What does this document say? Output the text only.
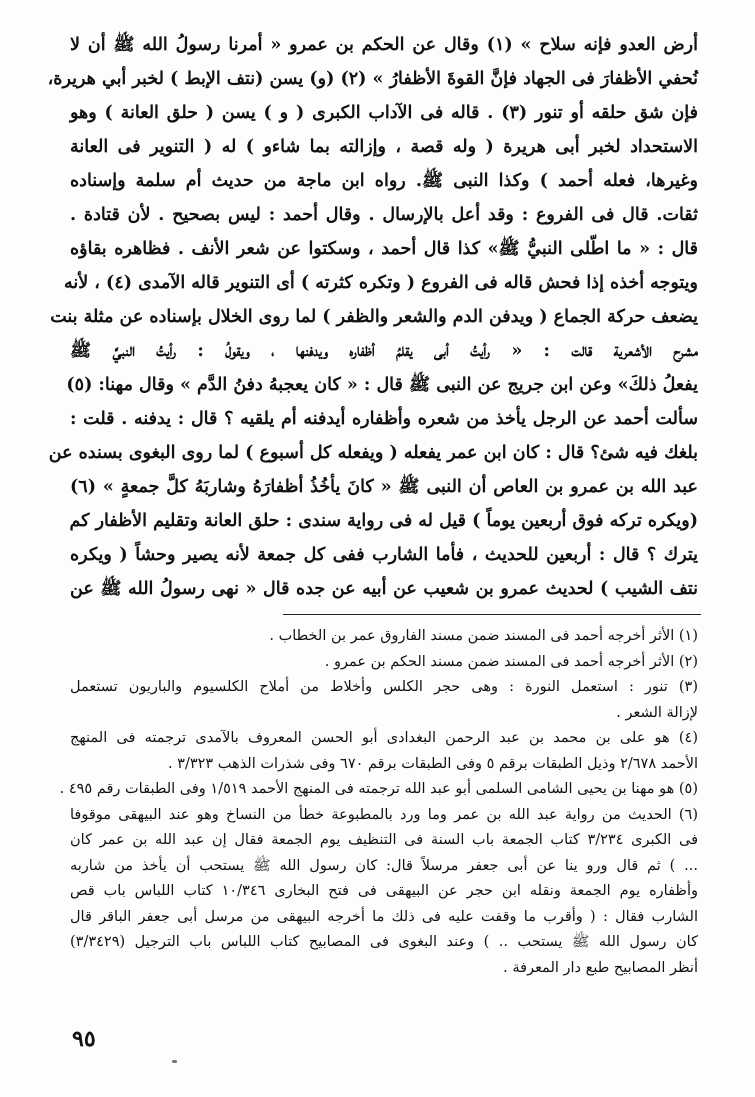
أرض العدو فإنه سلاح » (١) وقال عن الحكم بن عمرو « أمرنا رسولُ الله ﷺ أن لا
نُحفي الأظفارَ فى الجهاد فإنَّ القوةَ الأظفارُ » (٢) (و) يسن (نتف الإبط ) لخبر أبي هريرة،
فإن شق حلقه أو تنور (٣) . قاله فى الآداب الكبرى ( و ) يسن ( حلق العانة ) وهو
الاستحداد لخبر أبى هريرة ( وله قصة ، وإزالته بما شاءو ) له ( التنوير فى العانة
وغيرها، فعله أحمد ) وكذا النبى ﷺ. رواه ابن ماجة من حديث أم سلمة وإسناده
ثقات. قال فى الفروع : وقد أعل بالإرسال . وقال أحمد : ليس بصحيح . لأن قتادة .
قال : « ما اطّلى النبيُّ ﷺ» كذا قال أحمد ، وسكتوا عن شعر الأنف . فظاهره بقاؤه
ويتوجه أخذه إذا فحش قاله فى الفروع ( وتكره كثرته ) أى التنوير قاله الآمدى (٤) ، لأنه
يضعف حركة الجماع ( ويدفن الدم والشعر والظفر ) لما روى الخلال بإسناده عن مثلة بنت
مشرح الأشعرية قالت : « رأيتُ أبى يقلمُ أظفاره ويدفنها ، ويقولُ : رأيتُ النبيَّ ﷺ
يفعلُ ذلكَ» وعن ابن جريج عن النبى ﷺ قال : « كان يعجبهُ دفنُ الدَّم » وقال مهنا: (٥)
سألت أحمد عن الرجل يأخذ من شعره وأظفاره أيدفنه أم يلقيه ؟ قال : يدفنه . قلت :
بلغك فيه شئ؟ قال : كان ابن عمر يفعله ( ويفعله كل أسبوع ) لما روى البغوى بسنده عن
عبد الله بن عمرو بن العاص أن النبى ﷺ « كانَ يأخُذُ أظفارَهُ وشاربَهُ كلَّ جمعةٍ » (٦)
(ويكره تركه فوق أربعين يوماً ) قيل له فى رواية سندى : حلق العانة وتقليم الأظفار كم
يترك ؟ قال : أربعين للحديث ، فأما الشارب ففى كل جمعة لأنه يصير وحشاً ( ويكره
نتف الشيب ) لحديث عمرو بن شعيب عن أبيه عن جده قال « نهى رسولُ الله ﷺ عن
(١) الأثر أخرجه أحمد فى المسند ضمن مسند الفاروق عمر بن الخطاب .
(٢) الأثر أخرجه أحمد فى المسند ضمن مسند الحكم بن عمرو .
(٣) تنور : استعمل النورة : وهى حجر الكلس وأخلاط من أملاح الكلسيوم والباريون تستعمل
لإزالة الشعر .
(٤) هو على بن محمد بن عبد الرحمن البغدادى أبو الحسن المعروف بالآمدى ترجمته فى المنهج
الأحمد ٢/٦٧٨ وذيل الطبقات برقم ٥ وفى الطبقات برقم ٦٧٠ وفى شذرات الذهب ٣/٣٢٣ .
(٥) هو مهنا بن يحيى الشامى السلمى أبو عبد الله ترجمته فى المنهج الأحمد ١/٥١٩ وفى الطبقات رقم ٤٩٥ .
(٦) الحديث من رواية عبد الله بن عمر وما ورد بالمطبوعة خطأ من النساخ وهو عند البيهقى موقوفا
فى الكبرى ٣/٢٣٤ كتاب الجمعة باب السنة فى التنظيف يوم الجمعة فقال إن عبد الله بن عمر كان
... ) ثم قال ورو ينا عن أبى جعفر مرسلاً قال: كان رسول الله ﷺ يستحب أن يأخذ من شاربه
وأظفاره يوم الجمعة ونقله ابن حجر عن البيهقى فى فتح البخارى ١٠/٣٤٦ كتاب اللباس باب قص
الشارب فقال : ( وأقرب ما وقفت عليه فى ذلك ما أخرجه البيهقى من مرسل أبى جعفر الباقر قال
كان رسول الله ﷺ يستحب .. ) وعند البغوى فى المصابيح كتاب اللباس باب الترجيل (٣/٣٤٢٩)
أنظر المصابيح طبع دار المعرفة .
٩٥
